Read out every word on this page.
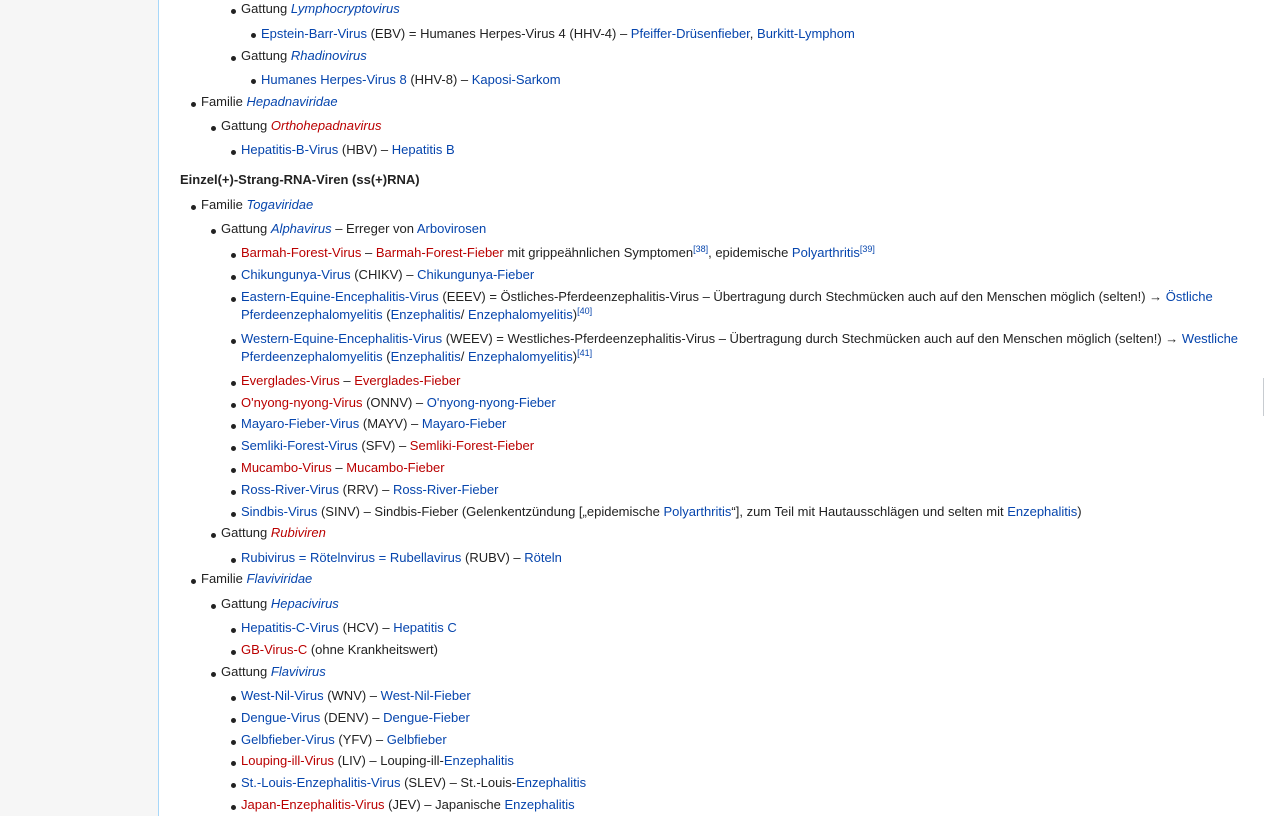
Gattung Lymphocryptovirus
Epstein-Barr-Virus (EBV) = Humanes Herpes-Virus 4 (HHV-4) – Pfeiffer-Drüsenfieber, Burkitt-Lymphom
Gattung Rhadinovirus
Humanes Herpes-Virus 8 (HHV-8) – Kaposi-Sarkom
Familie Hepadnaviridae
Gattung Orthohepadnavirus
Hepatitis-B-Virus (HBV) – Hepatitis B
Einzel(+)-Strang-RNA-Viren (ss(+)RNA)
Familie Togaviridae
Gattung Alphavirus – Erreger von Arbovirosen
Barmah-Forest-Virus – Barmah-Forest-Fieber mit grippeähnlichen Symptomen[38], epidemische Polyarthritis[39]
Chikungunya-Virus (CHIKV) – Chikungunya-Fieber
Eastern-Equine-Encephalitis-Virus (EEEV) = Östliches-Pferdeenzephalitis-Virus – Übertragung durch Stechmücken auch auf den Menschen möglich (selten!) → Östliche Pferdeenzephalomyelitis (Enzephalitis/ Enzephalomyelitis)[40]
Western-Equine-Encephalitis-Virus (WEEV) = Westliches-Pferdeenzephalitis-Virus – Übertragung durch Stechmücken auch auf den Menschen möglich (selten!) → Westliche Pferdeenzephalomyelitis (Enzephalitis/ Enzephalomyelitis)[41]
Everglades-Virus – Everglades-Fieber
O'nyong-nyong-Virus (ONNV) – O'nyong-nyong-Fieber
Mayaro-Fieber-Virus (MAYV) – Mayaro-Fieber
Semliki-Forest-Virus (SFV) – Semliki-Forest-Fieber
Mucambo-Virus – Mucambo-Fieber
Ross-River-Virus (RRV) – Ross-River-Fieber
Sindbis-Virus (SINV) – Sindbis-Fieber (Gelenkentzündung [„epidemische Polyarthritis“], zum Teil mit Hautausschlägen und selten mit Enzephalitis)
Gattung Rubiviren
Rubivirus = Rötelnvirus = Rubellavirus (RUBV) – Röteln
Familie Flaviviridae
Gattung Hepacivirus
Hepatitis-C-Virus (HCV) – Hepatitis C
GB-Virus-C (ohne Krankheitswert)
Gattung Flavivirus
West-Nil-Virus (WNV) – West-Nil-Fieber
Dengue-Virus (DENV) – Dengue-Fieber
Gelbfieber-Virus (YFV) – Gelbfieber
Louping-ill-Virus (LIV) – Louping-ill-Enzephalitis
St.-Louis-Enzephalitis-Virus (SLEV) – St.-Louis-Enzephalitis
Japan-Enzephalitis-Virus (JEV) – Japanische Enzephalitis
